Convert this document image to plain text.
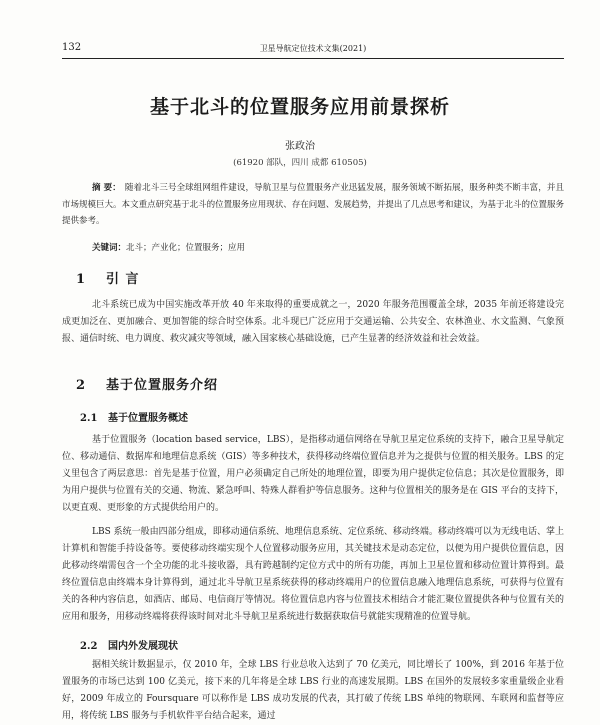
132	卫星导航定位技术文集(2021)
基于北斗的位置服务应用前景探析
张政治
(61920 部队，四川 成都 610505)
摘 要： 随着北斗三号全球组网组件建设，导航卫星与位置服务产业迅猛发展，服务领域不断拓展，服务种类不断丰富，并且市场规模巨大。本文重点研究基于北斗的位置服务应用现状、存在问题、发展趋势，并提出了几点思考和建议，为基于北斗的位置服务提供参考。
关键词：北斗；产业化；位置服务；应用
1 引 言
北斗系统已成为中国实施改革开放 40 年来取得的重要成就之一，2020 年服务范围覆盖全球，2035 年前还将建设完成更加泛在、更加融合、更加智能的综合时空体系。北斗现已广泛应用于交通运输、公共安全、农林渔业、水文监测、气象预报、通信时统、电力调度、救灾减灾等领域，融入国家核心基础设施，已产生显著的经济效益和社会效益。
2 基于位置服务介绍
2.1 基于位置服务概述
基于位置服务（location based service，LBS），是指移动通信网络在导航卫星定位系统的支持下，融合卫星导航定位、移动通信、数据库和地理信息系统（GIS）等多种技术，获得移动终端位置信息并为之提供与位置的相关服务。LBS 的定义里包含了两层意思：首先是基于位置，用户必须确定自己所处的地理位置，即要为用户提供定位信息；其次是位置服务，即为用户提供与位置有关的交通、物流、紧急呼叫、特殊人群看护等信息服务。这种与位置相关的服务是在 GIS 平台的支持下，以更直观、更形象的方式提供给用户的。
LBS 系统一般由四部分组成，即移动通信系统、地理信息系统、定位系统、移动终端。移动终端可以为无线电话、掌上计算机和智能手持设备等。要使移动终端实现个人位置移动服务应用，其关键技术是动态定位，以便为用户提供位置信息，因此移动终端需包含一个全功能的北斗接收器，具有跨越制约定位方式中的所有功能，再加上卫星位置和移动位置计算得到。最终位置信息由终端本身计算得到，通过北斗导航卫星系统获得的移动终端用户的位置信息融入地理信息系统，可获得与位置有关的各种内容信息，如酒店、邮局、电信商厅等情况。将位置信息内容与位置技术相结合才能汇聚位置提供各种与位置有关的应用和服务，用移动终端将获得该时间对北斗导航卫星系统进行数据获取信号就能实现精准的位置导航。
2.2 国内外发展现状
据相关统计数据显示，仅 2010 年，全球 LBS 行业总收入达到了 70 亿美元，同比增长了 100%，到 2016 年基于位置服务的市场已达到 100 亿美元，接下来的几年将是全球 LBS 行业的高速发展期。LBS 在国外的发展较多家重量级企业看好，2009 年成立的 Foursquare 可以称作是 LBS 成功发展的代表，其打破了传统 LBS 单纯的物联网、车联网和监督等应用，将传统 LBS 服务与手机软件平台结合起来，通过
